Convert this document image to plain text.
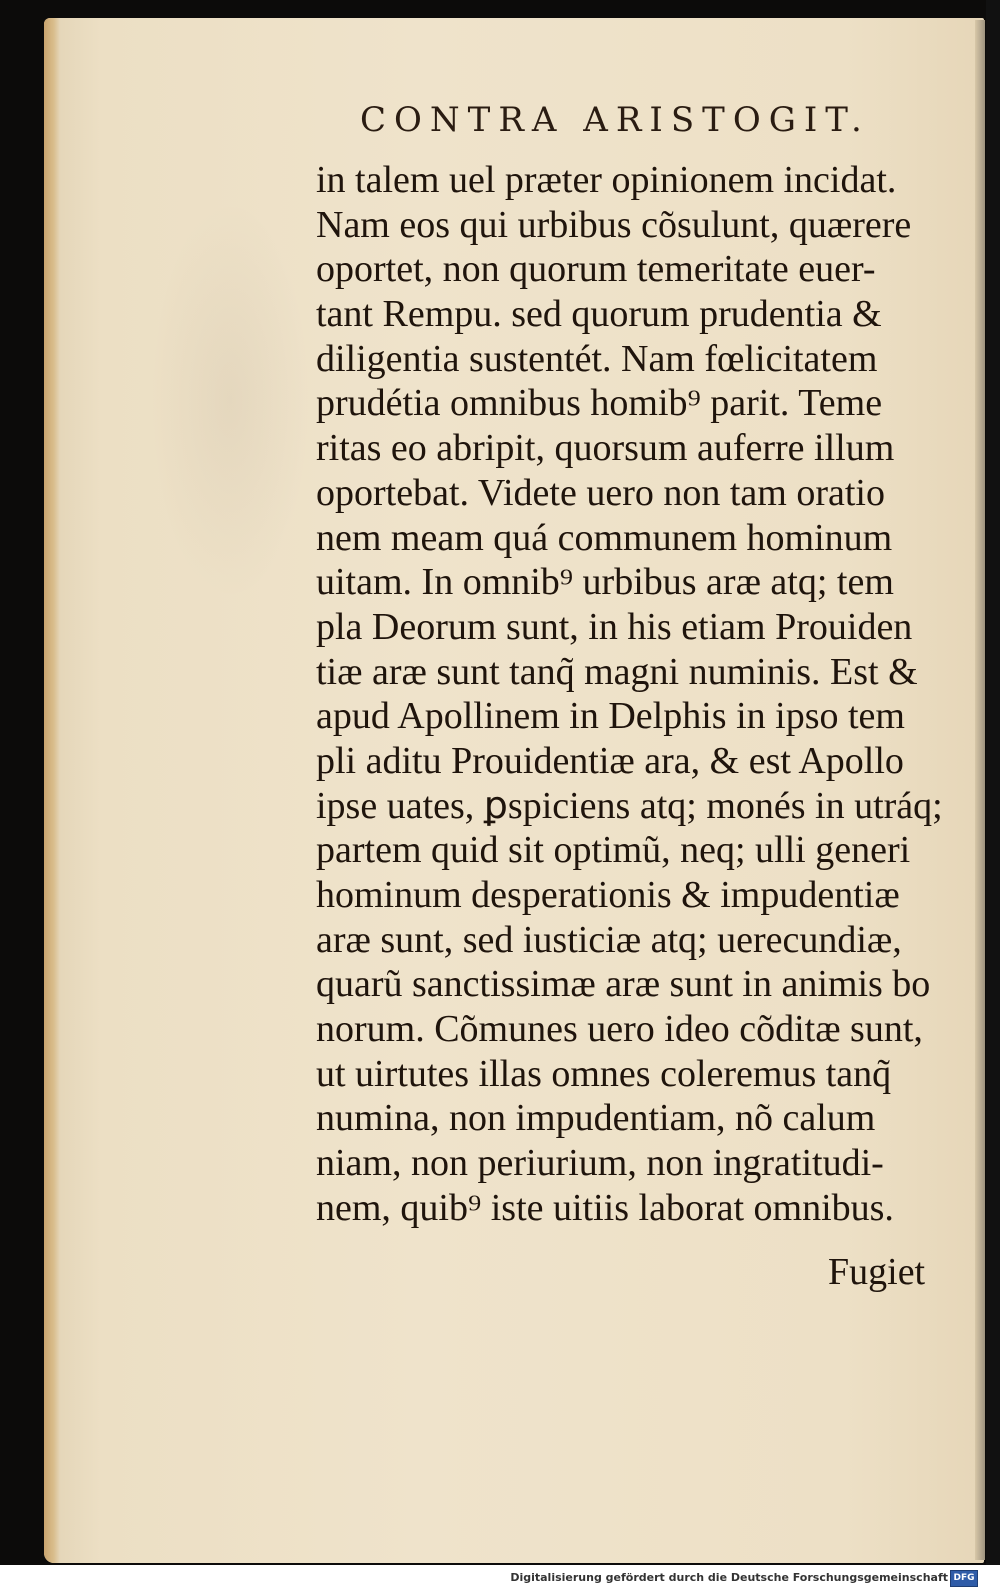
CONTRA ARISTOGIT.
in talem uel præter opinionem incidat.
Nam eos qui urbibus cõsulunt, quærere
oportet, non quorum temeritate euer-
tant Rempu. sed quorum prudentia &
diligentia sustentét. Nam fœlicitatem
prudétia omnibus homib⁹ parit. Teme
ritas eo abripit, quorsum auferre illum
oportebat. Videte uero non tam oratio
nem meam quá communem hominum
uitam. In omnib⁹ urbibus aræ atq; tem
pla Deorum sunt, in his etiam Prouiden
tiæ aræ sunt tanq̃ magni numinis. Est &
apud Apollinem in Delphis in ipso tem
pli aditu Prouidentiæ ara, & est Apollo
ipse uates, ꝑspiciens atq; monés in utráq;
partem quid sit optimũ, neq; ulli generi
hominum desperationis & impudentiæ
aræ sunt, sed iusticiæ atq; uerecundiæ,
quarũ sanctissimæ aræ sunt in animis bo
norum. Cõmunes uero ideo cõditæ sunt,
ut uirtutes illas omnes coleremus tanq̃
numina, non impudentiam, nõ calum
niam, non periurium, non ingratitudi-
nem, quib⁹ iste uitiis laborat omnibus.
Fugiet
Digitalisierung gefördert durch die Deutsche Forschungsgemeinschaft DFG
